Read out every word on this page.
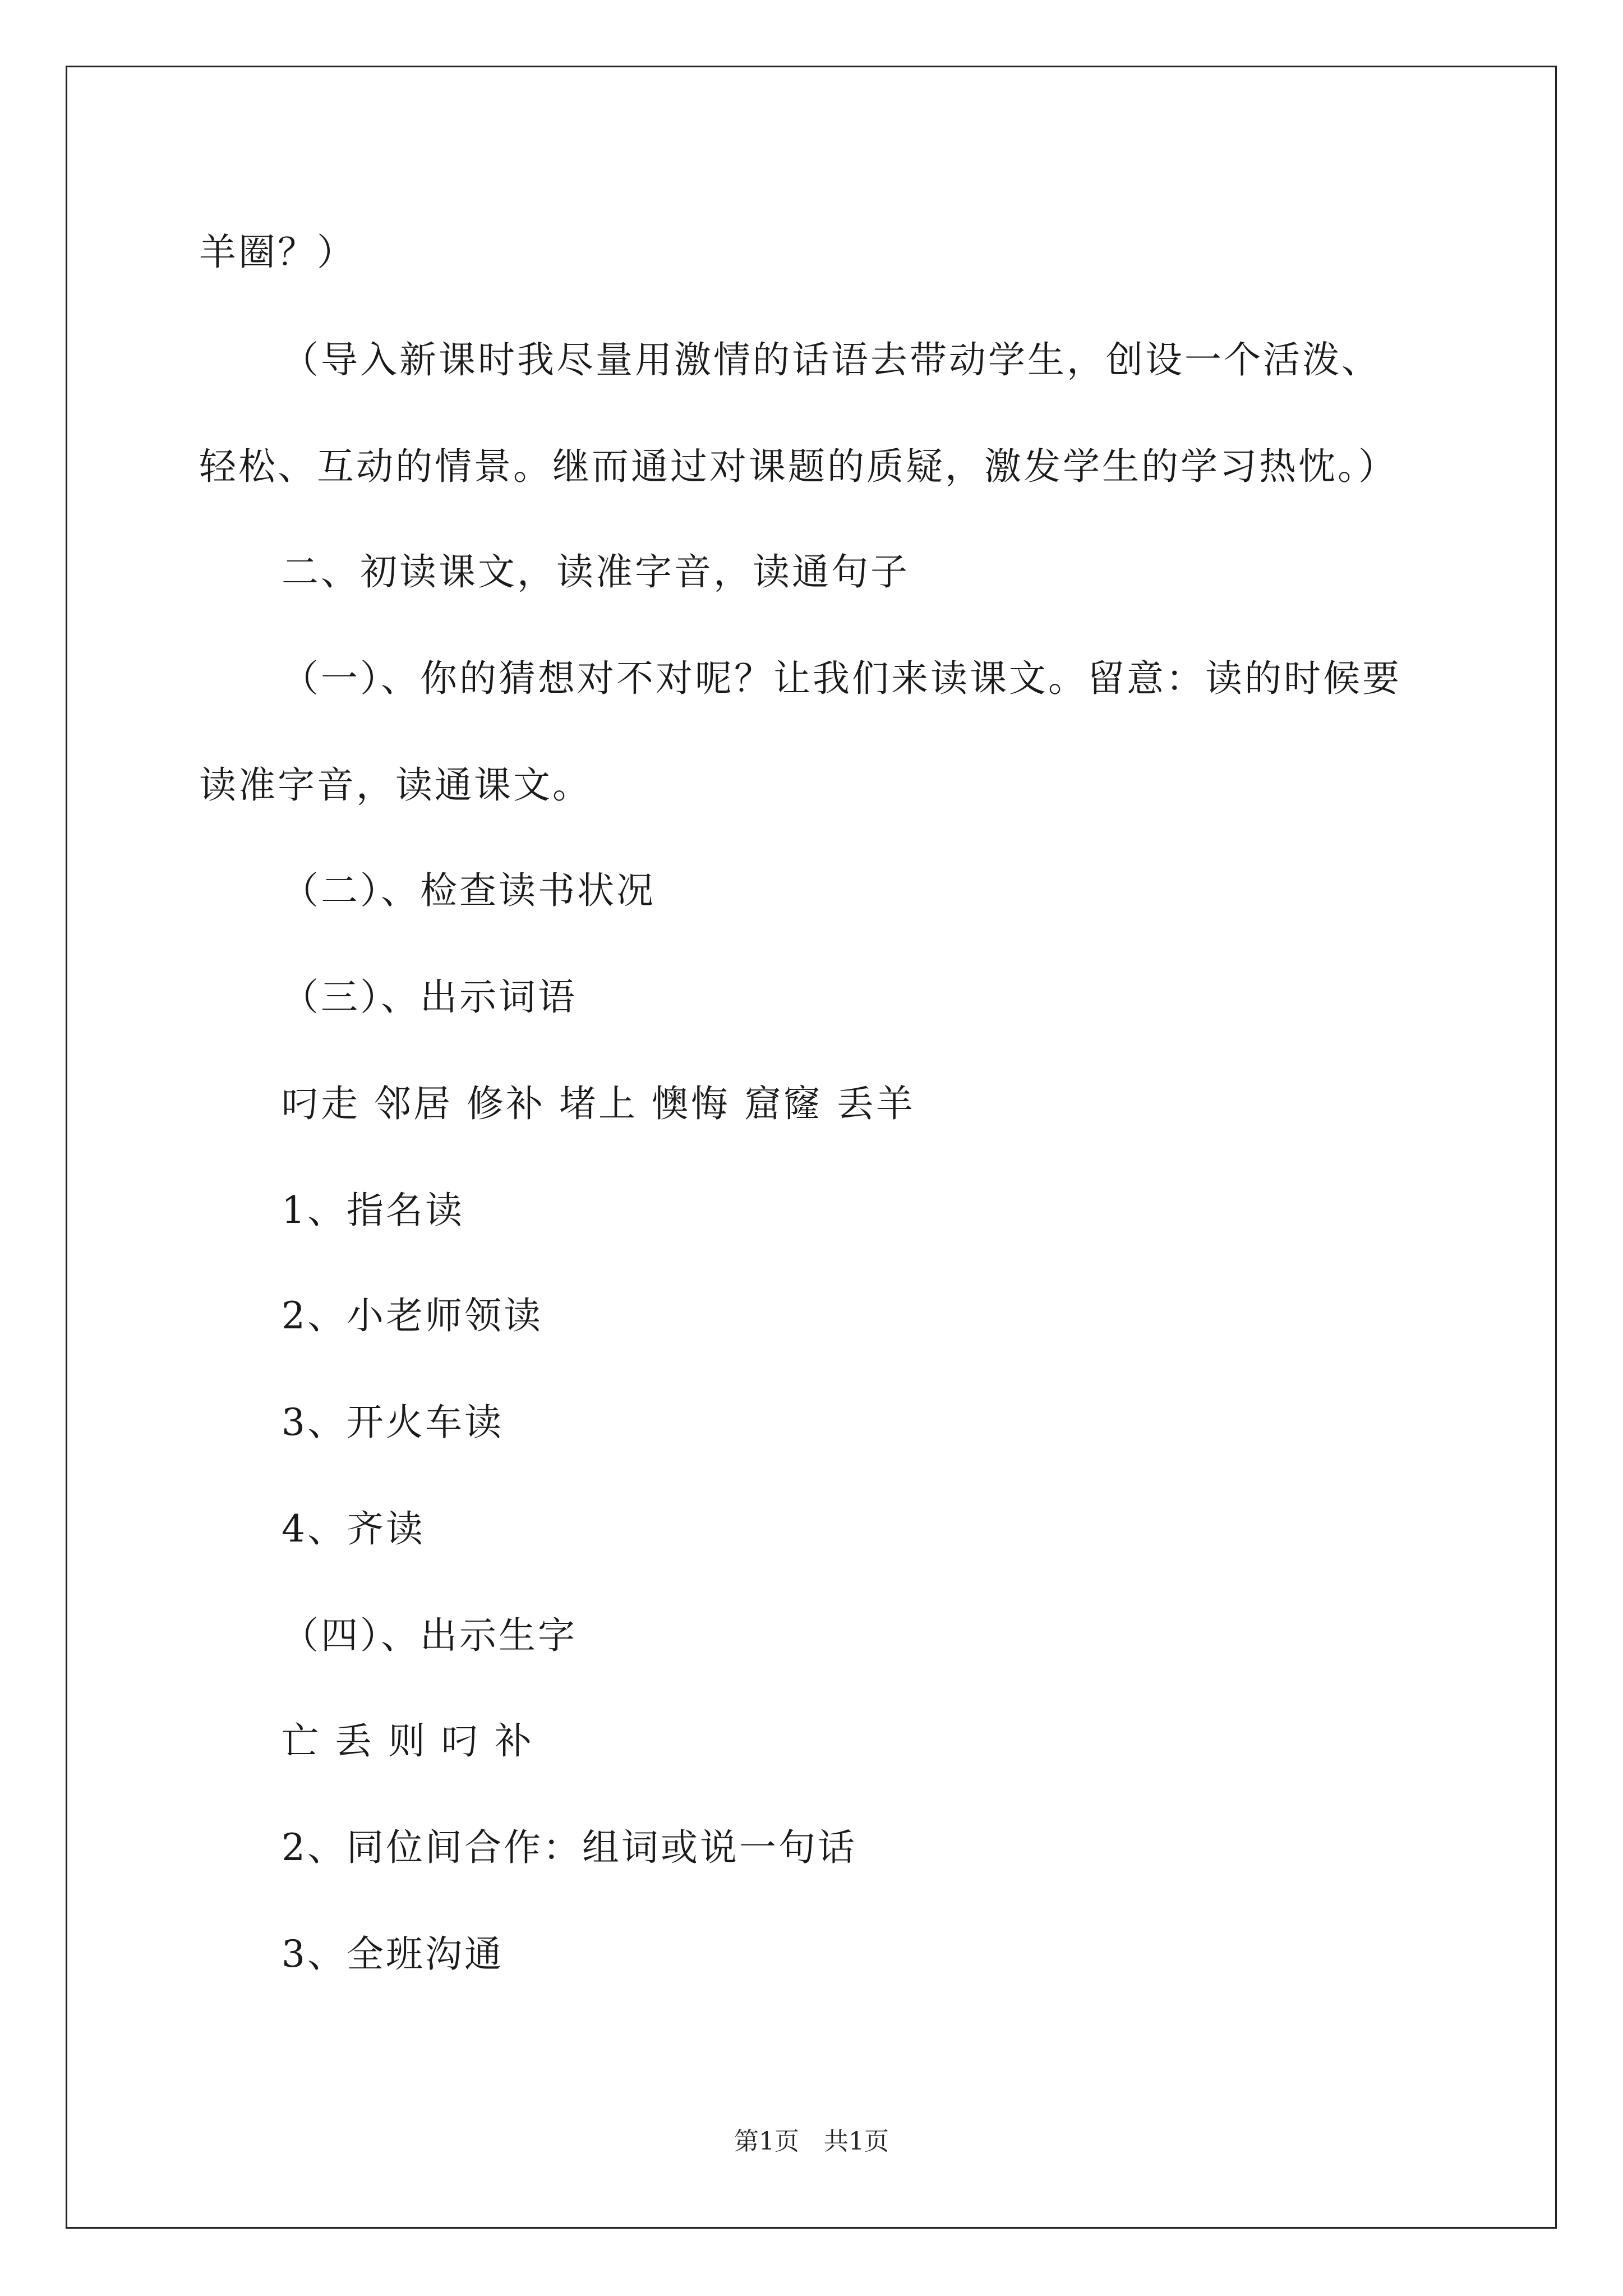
羊圈？）
（导入新课时我尽量用激情的话语去带动学生，创设一个活泼、
轻松、互动的情景。继而通过对课题的质疑，激发学生的学习热忱。）
二、初读课文，读准字音，读通句子
（一）、你的猜想对不对呢？让我们来读课文。留意：读的时候要
读准字音，读通课文。
（二）、检查读书状况
（三）、出示词语
叼走 邻居 修补 堵上 懊悔 窟窿 丢羊
1、指名读
2、小老师领读
3、开火车读
4、齐读
（四）、出示生字
亡 丢 则 叼 补
2、同位间合作：组词或说一句话
3、全班沟通
第1页　共1页
